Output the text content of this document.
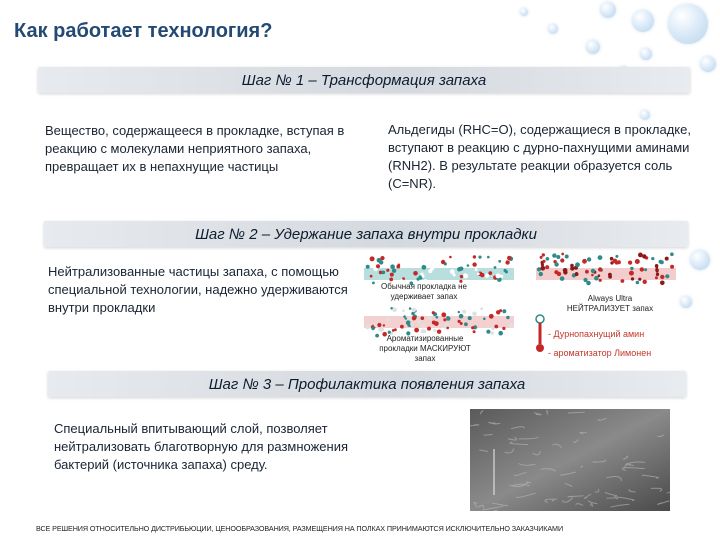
Как работает технология?
Шаг № 1 – Трансформация запаха
Вещество, содержащееся в прокладке, вступая в реакцию с молекулами неприятного запаха, превращает их в непахнущие частицы
Альдегиды (RHC=O), содержащиеся в прокладке, вступают в реакцию с дурно-пахнущими аминами (RNH2). В результате реакции образуется соль (C=NR).
Шаг № 2 – Удержание запаха внутри прокладки
Нейтрализованные частицы запаха, с помощью специальной технологии, надежно удерживаются внутри прокладки
Обычная прокладка не удерживает запах
Ароматизированные прокладки МАСКИРУЮТ запах
Always Ultra НЕЙТРАЛИЗУЕТ запах
- Дурнопахнущий амин
- ароматизатор Лимонен
Шаг № 3 – Профилактика появления запаха
Специальный впитывающий слой, позволяет нейтрализовать благотворную для размножения бактерий (источника запаха) среду.
ВСЕ РЕШЕНИЯ ОТНОСИТЕЛЬНО ДИСТРИБЬЮЦИИ, ЦЕНООБРАЗОВАНИЯ, РАЗМЕЩЕНИЯ НА ПОЛКАХ ПРИНИМАЮТСЯ ИСКЛЮЧИТЕЛЬНО ЗАКАЗЧИКАМИ
